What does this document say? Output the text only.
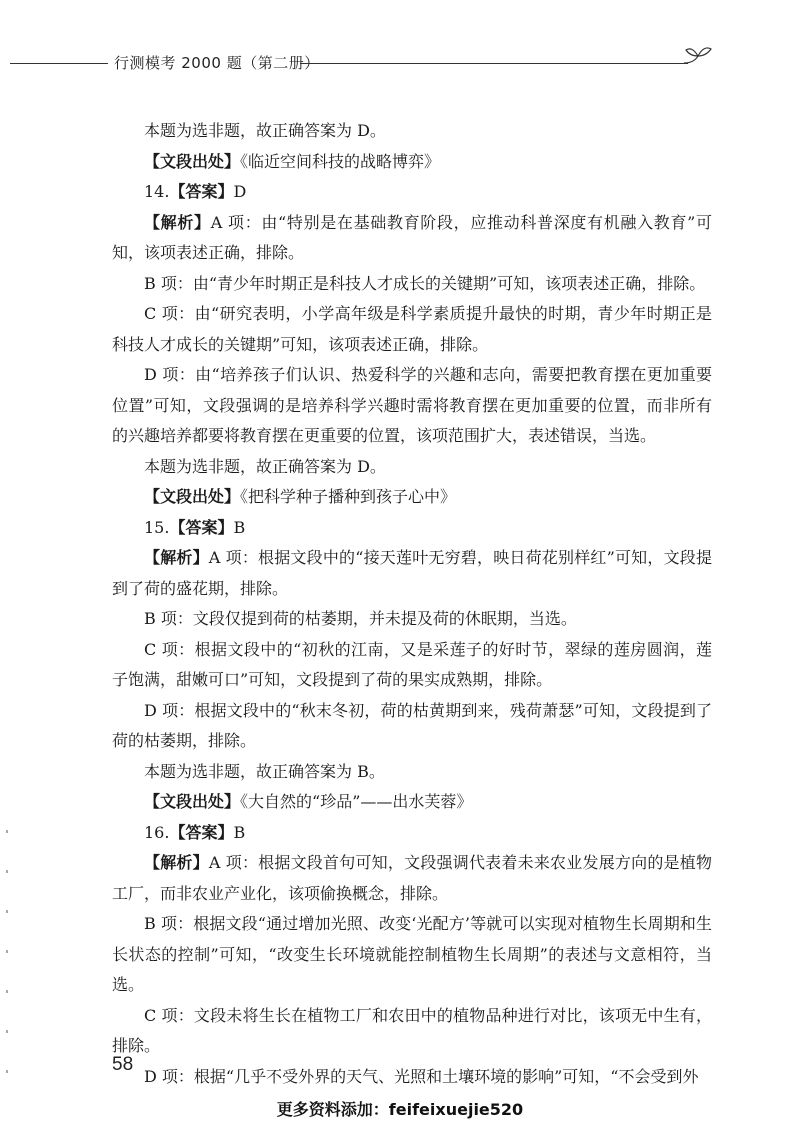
行测模考 2000 题（第二册）

本题为选非题，故正确答案为 D。

【文段出处】《临近空间科技的战略博弈》

14.【答案】D

【解析】A 项：由“特别是在基础教育阶段，应推动科普深度有机融入教育”可知，该项表述正确，排除。

B 项：由“青少年时期正是科技人才成长的关键期”可知，该项表述正确，排除。

C 项：由“研究表明，小学高年级是科学素质提升最快的时期，青少年时期正是科技人才成长的关键期”可知，该项表述正确，排除。

D 项：由“培养孩子们认识、热爱科学的兴趣和志向，需要把教育摆在更加重要位置”可知，文段强调的是培养科学兴趣时需将教育摆在更加重要的位置，而非所有的兴趣培养都要将教育摆在更重要的位置，该项范围扩大，表述错误，当选。

本题为选非题，故正确答案为 D。

【文段出处】《把科学种子播种到孩子心中》

15.【答案】B

【解析】A 项：根据文段中的“接天莲叶无穷碧，映日荷花别样红”可知，文段提到了荷的盛花期，排除。

B 项：文段仅提到荷的枯萎期，并未提及荷的休眠期，当选。

C 项：根据文段中的“初秋的江南，又是采莲子的好时节，翠绿的莲房圆润，莲子饱满，甜嫩可口”可知，文段提到了荷的果实成熟期，排除。

D 项：根据文段中的“秋末冬初，荷的枯黄期到来，残荷萧瑟”可知，文段提到了荷的枯萎期，排除。

本题为选非题，故正确答案为 B。

【文段出处】《大自然的“珍品”——出水芙蓉》

16.【答案】B

【解析】A 项：根据文段首句可知，文段强调代表着未来农业发展方向的是植物工厂，而非农业产业化，该项偷换概念，排除。

B 项：根据文段“通过增加光照、改变‘光配方’等就可以实现对植物生长周期和生长状态的控制”可知，“改变生长环境就能控制植物生长周期”的表述与文意相符，当选。

C 项：文段未将生长在植物工厂和农田中的植物品种进行对比，该项无中生有，排除。

D 项：根据“几乎不受外界的天气、光照和土壤环境的影响”可知，“不会受到外

58
更多资料添加：feifeixuejie520
